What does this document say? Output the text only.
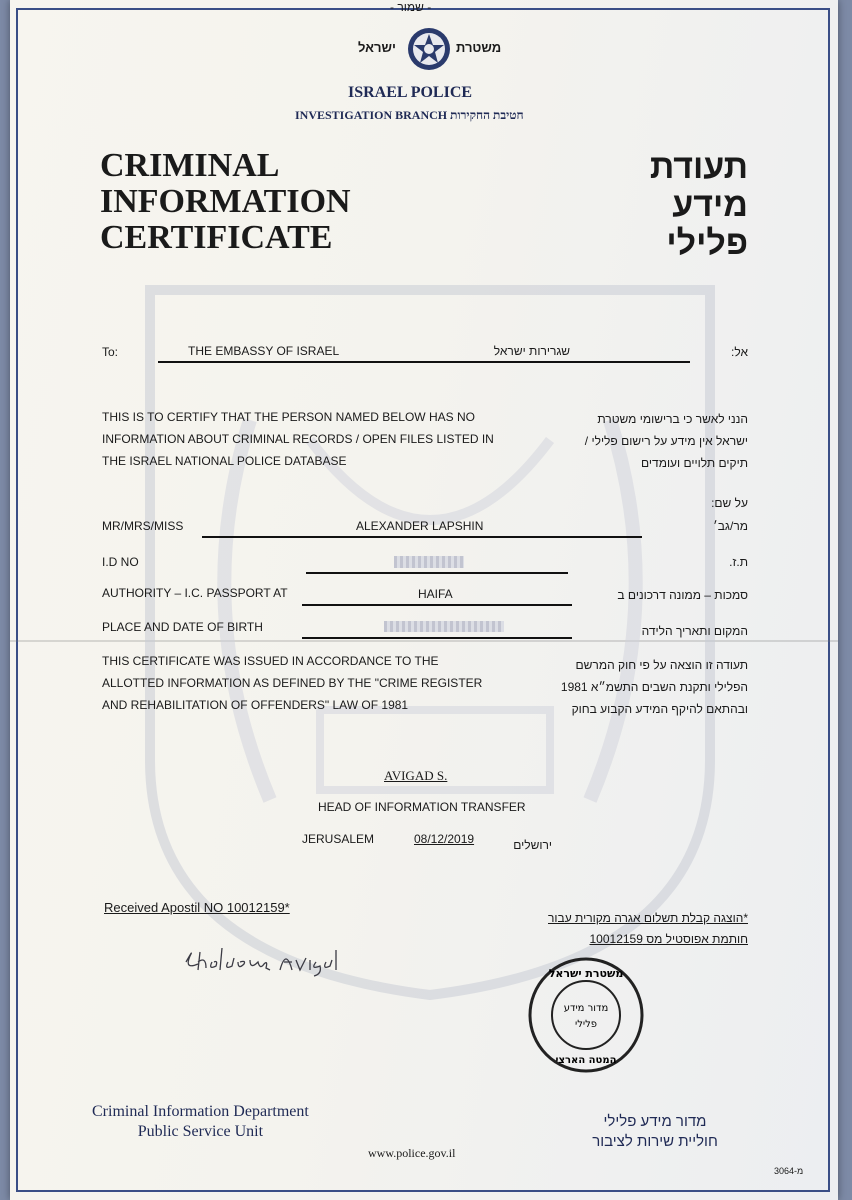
- שמור -
משטרת
ישראל
ISRAEL POLICE
INVESTIGATION BRANCH חטיבת החקירות
CRIMINAL
INFORMATION
CERTIFICATE
תעודת
מידע
פלילי
To:	THE EMBASSY OF ISRAEL	שגרירות ישראל	אל:
THIS IS TO CERTIFY THAT THE PERSON NAMED BELOW HAS NO
INFORMATION ABOUT CRIMINAL RECORDS / OPEN FILES LISTED IN
THE ISRAEL NATIONAL POLICE DATABASE
הנני לאשר כי ברישומי משטרת
ישראל אין מידע על רישום פלילי /
תיקים תלויים ועומדים
על שם:
MR/MRS/MISS	ALEXANDER LAPSHIN	מר/גב׳
I.D NO	ת.ז.
AUTHORITY – I.C. PASSPORT AT	HAIFA	סמכות – ממונה דרכונים ב
PLACE AND DATE OF BIRTH	המקום ותאריך הלידה
THIS CERTIFICATE WAS ISSUED IN ACCORDANCE TO THE
ALLOTTED INFORMATION AS DEFINED BY THE "CRIME REGISTER
AND REHABILITATION OF OFFENDERS" LAW OF 1981
תעודה זו הוצאה על פי חוק המרשם
הפלילי ותקנת השבים התשמ״א 1981
ובהתאם להיקף המידע הקבוע בחוק
AVIGAD S.
HEAD OF INFORMATION TRANSFER
JERUSALEM	08/12/2019	ירושלים
Received Apostil NO 10012159*
*הוצגה קבלת תשלום אגרה מקורית עבור
חותמת אפוסטיל מס 10012159
משטרת ישראל
מדור מידע
פלילי
המטה הארצי
Criminal Information Department
Public Service Unit
מדור מידע פלילי
חוליית שירות לציבור
www.police.gov.il
3064-מ
